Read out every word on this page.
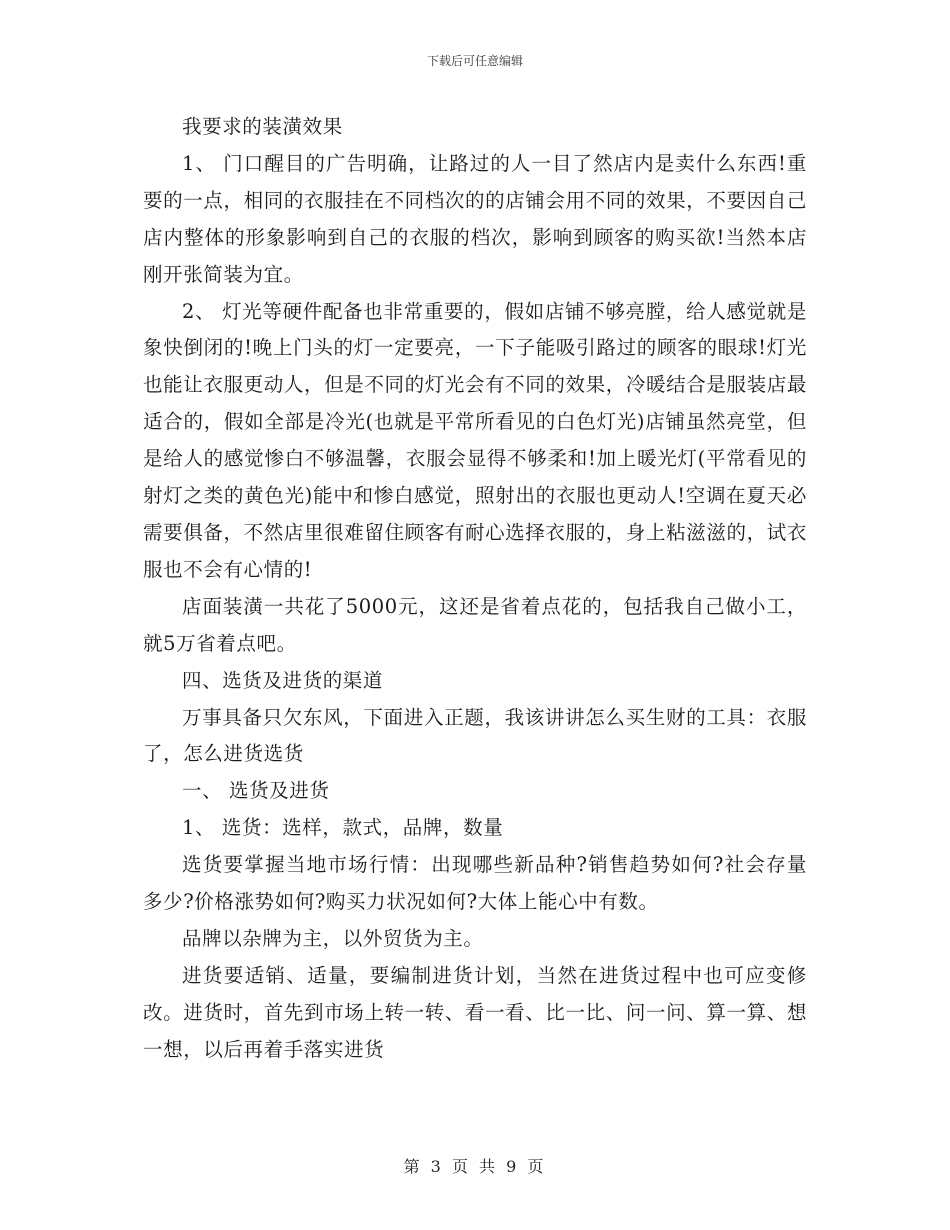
下载后可任意编辑

我要求的装潢效果

1、 门口醒目的广告明确，让路过的人一目了然店内是卖什么东西!重要的一点，相同的衣服挂在不同档次的的店铺会用不同的效果，不要因自己店内整体的形象影响到自己的衣服的档次，影响到顾客的购买欲!当然本店刚开张简装为宜。

2、 灯光等硬件配备也非常重要的，假如店铺不够亮膛，给人感觉就是象快倒闭的!晚上门头的灯一定要亮，一下子能吸引路过的顾客的眼球!灯光也能让衣服更动人，但是不同的灯光会有不同的效果，冷暖结合是服装店最适合的，假如全部是冷光(也就是平常所看见的白色灯光)店铺虽然亮堂，但是给人的感觉惨白不够温馨，衣服会显得不够柔和!加上暖光灯(平常看见的射灯之类的黄色光)能中和惨白感觉，照射出的衣服也更动人!空调在夏天必需要俱备，不然店里很难留住顾客有耐心选择衣服的，身上粘滋滋的，试衣服也不会有心情的!

店面装潢一共花了5000元，这还是省着点花的，包括我自己做小工，就5万省着点吧。

四、选货及进货的渠道

万事具备只欠东风，下面进入正题，我该讲讲怎么买生财的工具：衣服了，怎么进货选货

一、 选货及进货

1、 选货：选样，款式，品牌，数量

选货要掌握当地市场行情：出现哪些新品种?销售趋势如何?社会存量多少?价格涨势如何?购买力状况如何?大体上能心中有数。

品牌以杂牌为主，以外贸货为主。

进货要适销、适量，要编制进货计划，当然在进货过程中也可应变修改。进货时，首先到市场上转一转、看一看、比一比、问一问、算一算、想一想，以后再着手落实进货

第 3 页 共 9 页
